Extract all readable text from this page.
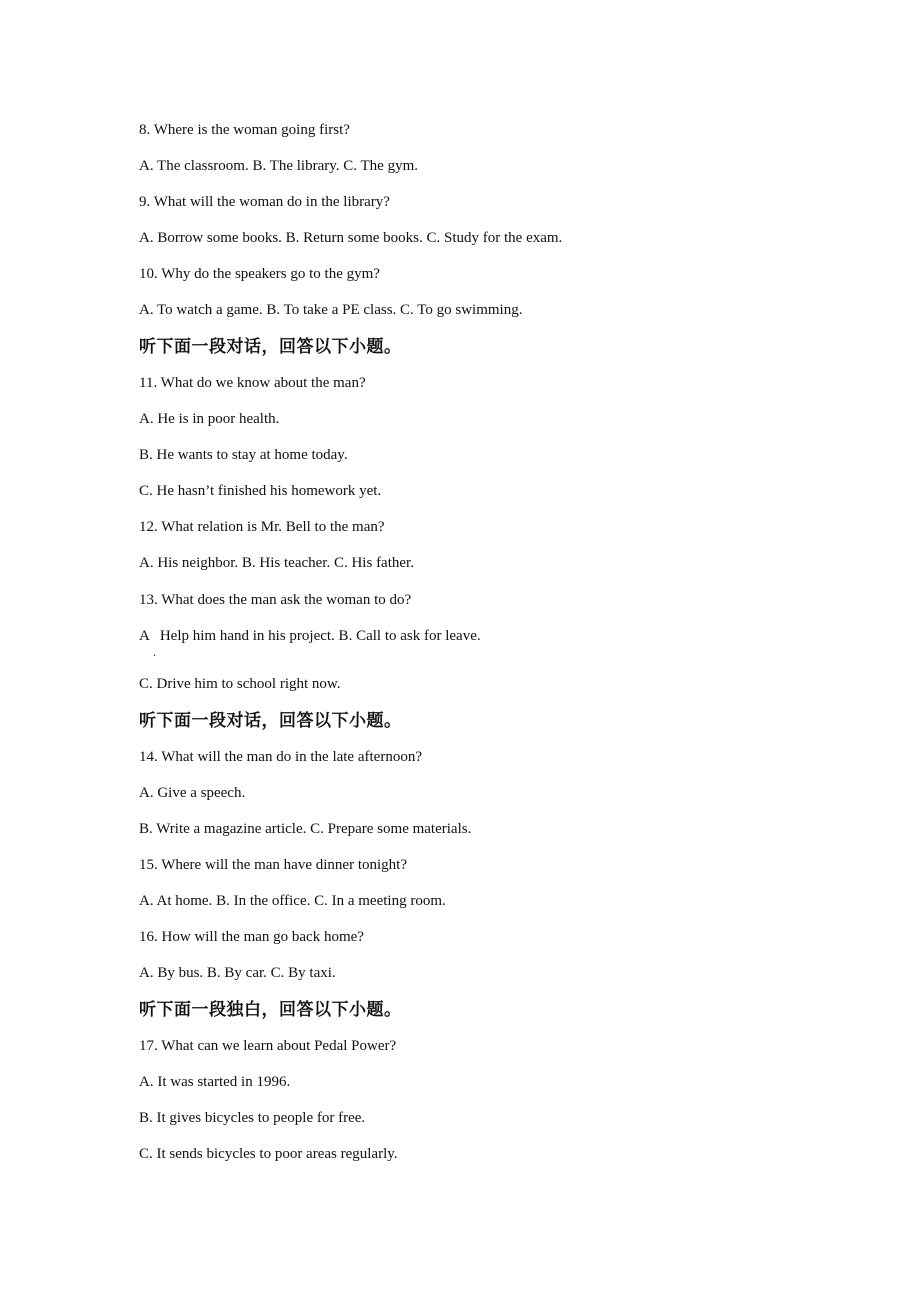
8. Where is the woman going first?
A. The classroom. B. The library. C. The gym.
9. What will the woman do in the library?
A. Borrow some books. B. Return some books. C. Study for the exam.
10. Why do the speakers go to the gym?
A. To watch a game. B. To take a PE class. C. To go swimming.
听下面一段对话，回答以下小题。
11. What do we know about the man?
A. He is in poor health.
B. He wants to stay at home today.
C. He hasn’t finished his homework yet.
12. What relation is Mr. Bell to the man?
A. His neighbor. B. His teacher. C. His father.
13. What does the man ask the woman to do?
A Help him hand in his project. B. Call to ask for leave.
.
C. Drive him to school right now.
听下面一段对话，回答以下小题。
14. What will the man do in the late afternoon?
A. Give a speech.
B. Write a magazine article. C. Prepare some materials.
15. Where will the man have dinner tonight?
A. At home. B. In the office. C. In a meeting room.
16. How will the man go back home?
A. By bus. B. By car. C. By taxi.
听下面一段独白，回答以下小题。
17. What can we learn about Pedal Power?
A. It was started in 1996.
B. It gives bicycles to people for free.
C. It sends bicycles to poor areas regularly.
